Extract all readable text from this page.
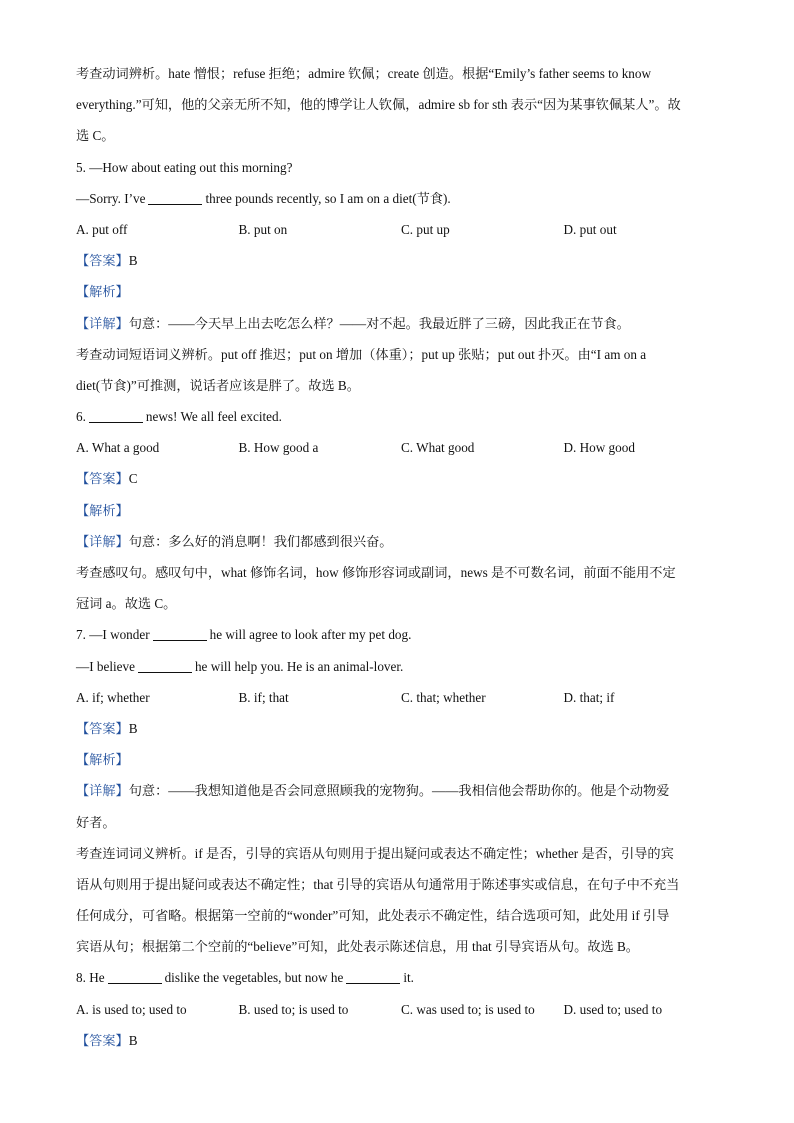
考查动词辨析。hate 憎恨；refuse 拒绝；admire 钦佩；create 创造。根据“Emily’s father seems to know
everything.”可知，他的父亲无所不知，他的博学让人钦佩，admire sb for sth 表示“因为某事钦佩某人”。故
选 C。
5. —How about eating out this morning?
—Sorry. I’ve	three pounds recently, so I am on a diet(节食).
A. put off	B. put on	C. put up	D. put out
【答案】B
【解析】
【详解】句意：——今天早上出去吃怎么样？——对不起。我最近胖了三磅，因此我正在节食。
考查动词短语词义辨析。put off 推迟；put on 增加（体重）；put up 张贴；put out 扑灭。由“I am on a
diet(节食)”可推测，说话者应该是胖了。故选 B。
6.	news! We all feel excited.
A. What a good	B. How good a	C. What good	D. How good
【答案】C
【解析】
【详解】句意：多么好的消息啊！我们都感到很兴奋。
考查感叹句。感叹句中，what 修饰名词，how 修饰形容词或副词，news 是不可数名词，前面不能用不定
冠词 a。故选 C。
7. —I wonder	he will agree to look after my pet dog.
—I believe	he will help you. He is an animal-lover.
A. if; whether	B. if; that	C. that; whether	D. that; if
【答案】B
【解析】
【详解】句意：——我想知道他是否会同意照顾我的宠物狗。——我相信他会帮助你的。他是个动物爱
好者。
考查连词词义辨析。if 是否，引导的宾语从句则用于提出疑问或表达不确定性；whether 是否，引导的宾
语从句则用于提出疑问或表达不确定性；that 引导的宾语从句通常用于陈述事实或信息，在句子中不充当
任何成分，可省略。根据第一空前的“wonder”可知，此处表示不确定性，结合选项可知，此处用 if 引导
宾语从句；根据第二个空前的“believe”可知，此处表示陈述信息，用 that 引导宾语从句。故选 B。
8. He	dislike the vegetables, but now he	it.
A. is used to; used to	B. used to; is used to	C. was used to; is used to	D. used to; used to
【答案】B
